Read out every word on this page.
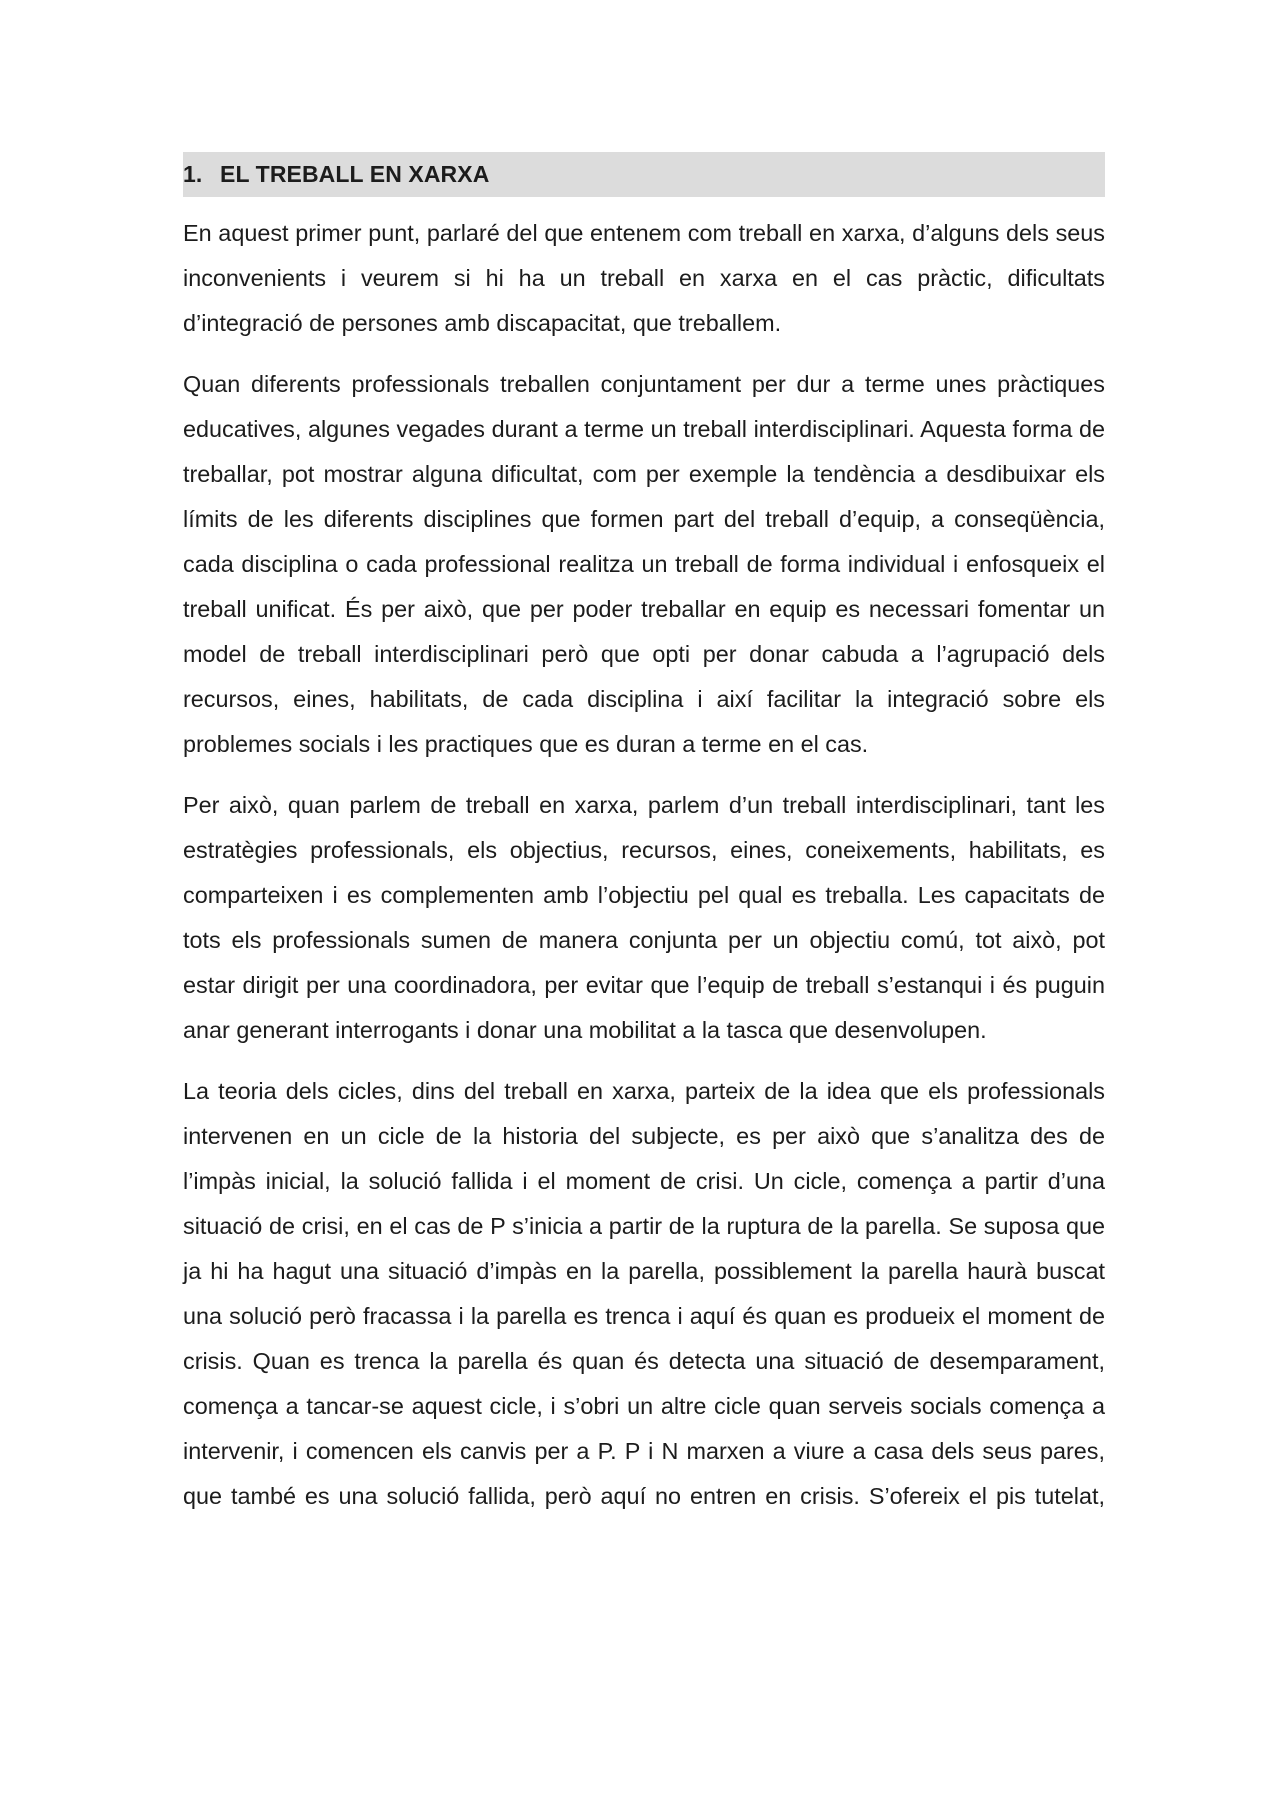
1. EL TREBALL EN XARXA

En aquest primer punt, parlaré del que entenem com treball en xarxa, d’alguns dels seus inconvenients i veurem si hi ha un treball en xarxa en el cas pràctic, dificultats d’integració de persones amb discapacitat, que treballem.

Quan diferents professionals treballen conjuntament per dur a terme unes pràctiques educatives, algunes vegades durant a terme un treball interdisciplinari. Aquesta forma de treballar, pot mostrar alguna dificultat, com per exemple la tendència a desdibuixar els límits de les diferents disciplines que formen part del treball d’equip, a conseqüència, cada disciplina o cada professional realitza un treball de forma individual i enfosqueix el treball unificat. És per això, que per poder treballar en equip es necessari fomentar un model de treball interdisciplinari però que opti per donar cabuda a l’agrupació dels recursos, eines, habilitats, de cada disciplina i així facilitar la integració sobre els problemes socials i les practiques que es duran a terme en el cas.

Per això, quan parlem de treball en xarxa, parlem d’un treball interdisciplinari, tant les estratègies professionals, els objectius, recursos, eines, coneixements, habilitats, es comparteixen i es complementen amb l’objectiu pel qual es treballa. Les capacitats de tots els professionals sumen de manera conjunta per un objectiu comú, tot això, pot estar dirigit per una coordinadora, per evitar que l’equip de treball s’estanqui i és puguin anar generant interrogants i donar una mobilitat a la tasca que desenvolupen.

La teoria dels cicles, dins del treball en xarxa, parteix de la idea que els professionals intervenen en un cicle de la historia del subjecte, es per això que s’analitza des de l’impàs inicial, la solució fallida i el moment de crisi. Un cicle, comença a partir d’una situació de crisi, en el cas de P s’inicia a partir de la ruptura de la parella. Se suposa que ja hi ha hagut una situació d’impàs en la parella, possiblement la parella haurà buscat una solució però fracassa i la parella es trenca i aquí és quan es produeix el moment de crisis. Quan es trenca la parella és quan és detecta una situació de desemparament, comença a tancar-se aquest cicle, i s’obri un altre cicle quan serveis socials comença a intervenir, i comencen els canvis per a P. P i N marxen a viure a casa dels seus pares, que també es una solució fallida, però aquí no entren en crisis. S’ofereix el pis tutelat,
